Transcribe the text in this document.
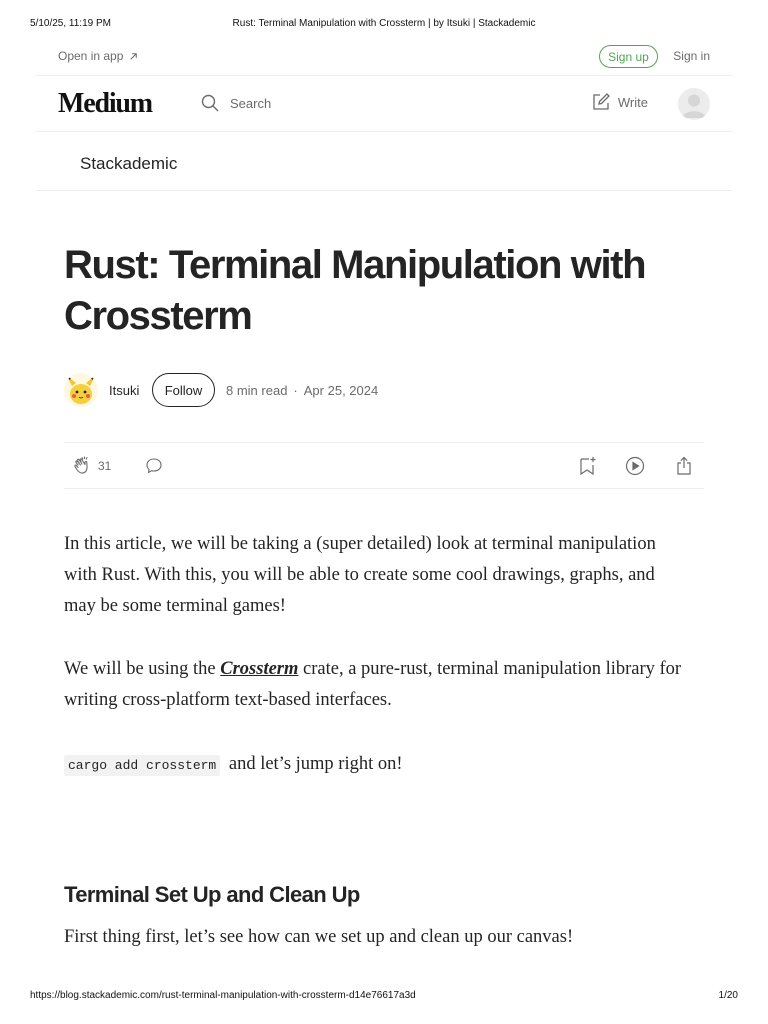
5/10/25, 11:19 PM	Rust: Terminal Manipulation with Crossterm | by Itsuki | Stackademic
Open in app	Sign up	Sign in
Medium	Search	Write
Stackademic
Rust: Terminal Manipulation with Crossterm
Itsuki	Follow	8 min read · Apr 25, 2024
31

In this article, we will be taking a (super detailed) look at terminal manipulation with Rust. With this, you will be able to create some cool drawings, graphs, and may be some terminal games!

We will be using the Crossterm crate, a pure-rust, terminal manipulation library for writing cross-platform text-based interfaces.

cargo add crossterm and let’s jump right on!

Terminal Set Up and Clean Up

First thing first, let’s see how can we set up and clean up our canvas!

https://blog.stackademic.com/rust-terminal-manipulation-with-crossterm-d14e76617a3d	1/20
